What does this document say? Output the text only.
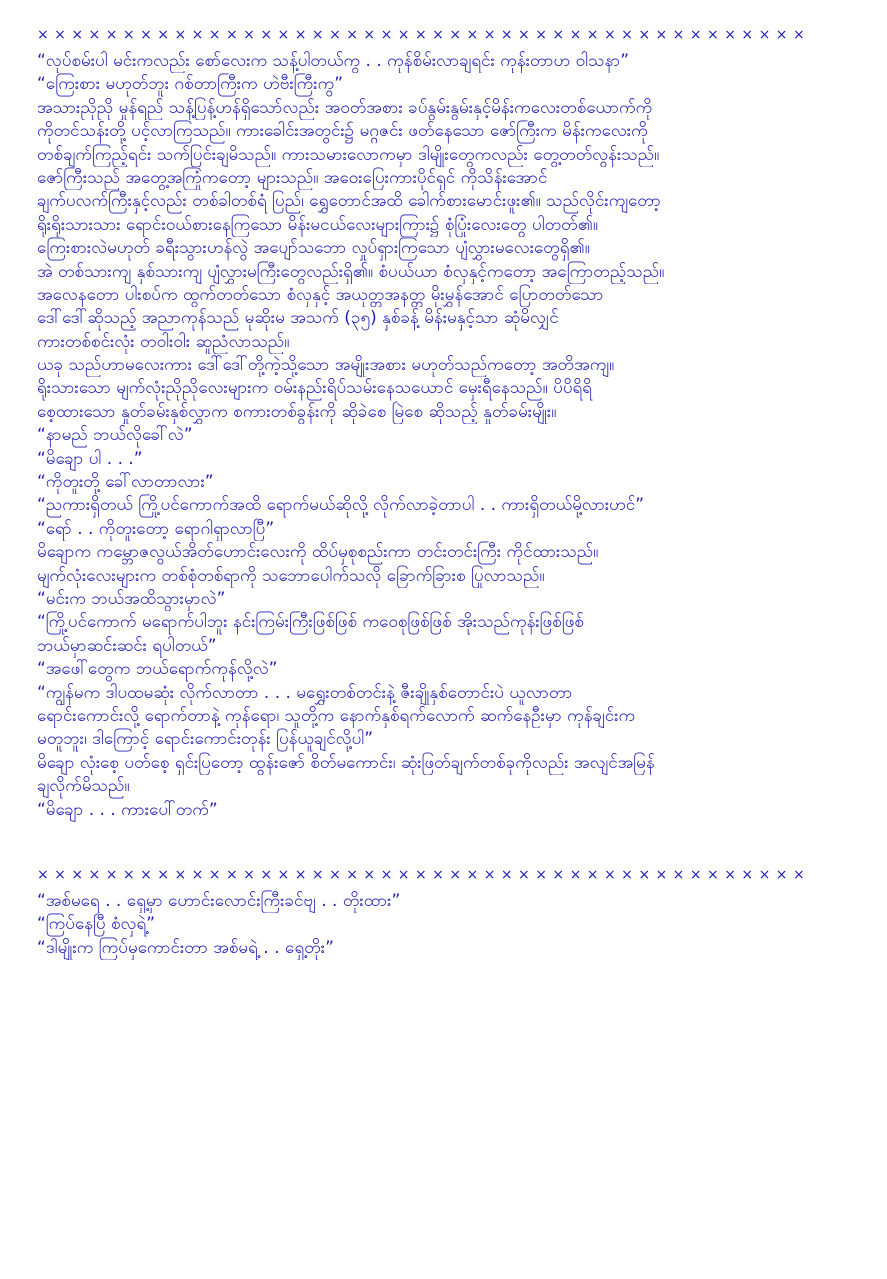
× × × × × × × × × × × × × × × × × × × × × × × × × × × × × × × × × × × × × × × × × × × × ×
“လုပ်စမ်းပါ မင်းကလည်း စော်လေးက သန့်ပါတယ်ကွ . . ကုန်စိမ်းလာချရင်း ကုန်းတာဟ ဝါသနာ”
“ကြေးစား မဟုတ်ဘူး ဂစ်တာကြီးက ဟဲဗီးကြီးကွ”
အသားညိုညို မှုန်ရည် သန့်ပြန့်ဟန်ရှိသော်လည်း အဝတ်အစား ခပ်နွမ်းနွမ်းနှင့်မိန်းကလေးတစ်ယောက်ကို
ကိုတင်သန်းတို့ ပင့်လာကြသည်။ ကားခေါင်းအတွင်း၌ မဂ္ဂဇင်း ဖတ်နေသော ဇော်ကြီးက မိန်းကလေးကို
တစ်ချက်ကြည့်ရင်း သက်ပြင်းချမိသည်။ ကားသမားလောကမှာ ဒါမျိုးတွေကလည်း တွေ့တတ်လွန်းသည်။
ဇော်ကြီးသည် အတွေ့အကြုံကတော့ များသည်။ အဝေးပြေးကားပိုင်ရှင် ကိုသိန်းအောင်
ချက်ပလက်ကြီးနှင့်လည်း တစ်ခါတစ်ရံ ပြည်၊ ရွှေတောင်အထိ ခေါက်စားမောင်းဖူး၏။ သည်လိုင်းကျတော့
ရိုးရိုးသားသား ရောင်းဝယ်စားနေကြသော မိန်းမငယ်လေးများကြား၌ စုံပြုံးလေးတွေ ပါတတ်၏။
ကြေးစားလဲမဟုတ် ခရီးသွားဟန်လွဲ အပျော်သဘော လှုပ်ရှားကြသော ပျံလွှားမလေးတွေရှိ၏။
အဲ တစ်သားကျ နှစ်သားကျ ပျံလွှားမကြီးတွေလည်းရှိ၏။ စံပယ်ယာ စံလှနှင့်ကတော့ အကြောတည့်သည်။
အလေနတော ပါးစပ်က ထွက်တတ်သော စံလှနှင့် အယုတ္တအနတ္တ မိုးမွှန်အောင် ပြောတတ်သော
ဒေါ်ဒေါ်ဆိုသည့် အညာကုန်သည် မုဆိုးမ အသက် (၃၅) နှစ်ခန့် မိန်းမနှင့်သာ ဆုံမိလျှင်
ကားတစ်စင်းလုံး တဝါးဝါး ဆူညံလာသည်။
ယခု သည်ဟာမလေးကား ဒေါ်ဒေါ်တို့ကဲ့သို့သော အမျိုးအစား မဟုတ်သည်ကတော့ အတိအကျ။
ရိုးသားသော မျက်လုံးညိုညိုလေးများက ဝမ်းနည်းရိပ်သမ်းနေသယောင် မှေးရီနေသည်။ ပိပိရိရိ
စေ့ထားသော နှုတ်ခမ်းနှစ်လွှာက စကားတစ်ခွန်းကို ဆိုခဲစေ မြဲစေ ဆိုသည့် နှုတ်ခမ်းမျိုး။
“နာမည် ဘယ်လိုခေါ်လဲ”
“မိချော ပါ . . .”
“ကိုတူးတို့ ခေါ်လာတာလား”
“ညကားရှိတယ် ကြို့ပင်ကောက်အထိ ရောက်မယ်ဆိုလို့ လိုက်လာခဲ့တာပါ . . ကားရှိတယ်မို့လားဟင်”
“ရော် . . ကိုတူးတော့ ရောဂါရှာလာပြီ”
မိချောက ကမ္ဘောဇလွယ်အိတ်ဟောင်းလေးကို ထိပ်မှစုစည်းကာ တင်းတင်းကြီး ကိုင်ထားသည်။
မျက်လုံးလေးများက တစ်စုံတစ်ရာကို သဘောပေါက်သလို ခြောက်ခြားစ ပြုလာသည်။
“မင်းက ဘယ်အထိသွားမှာလဲ”
“ကြို့ပင်ကောက် မရောက်ပါဘူး နင်းကြမ်းကြီးဖြစ်ဖြစ် ကဝေစုဖြစ်ဖြစ် အိုးသည်ကုန်းဖြစ်ဖြစ်
ဘယ်မှာဆင်းဆင်း ရပါတယ်”
“အဖေါ်တွေက ဘယ်ရောက်ကုန်လို့လဲ”
“ကျွန်မက ဒါပထမဆုံး လိုက်လာတာ . . . မရွှေးတစ်တင်းနဲ့ ဇီးချိုနှစ်တောင်းပဲ ယူလာတာ
ရောင်းကောင်းလို့ ရောက်တာနဲ့ ကုန်ရော၊ သူတို့က နောက်နှစ်ရက်လောက် ဆက်နေဦးမှာ ကုန်ချင်းက
မတူဘူး၊ ဒါကြောင့် ရောင်းကောင်းတုန်း ပြန်ယူချင်လို့ပါ”
မိချော လုံးစေ့ ပတ်စေ့ ရှင်းပြတော့ ထွန်းဇော် စိတ်မကောင်း၊ ဆုံးဖြတ်ချက်တစ်ခုကိုလည်း အလျင်အမြန်
ချလိုက်မိသည်။
“မိချော . . . ကားပေါ်တက်”
× × × × × × × × × × × × × × × × × × × × × × × × × × × × × × × × × × × × × × × × × × × × ×
“အစ်မရေ . . ရှေ့မှာ ဟောင်းလောင်းကြီးခင်ဗျ . . တိုးထား”
“ကြပ်နေပြီ စံလှရဲ့”
“ဒါမျိုးက ကြပ်မှကောင်းတာ အစ်မရဲ့ . . ရှေ့တိုး”
